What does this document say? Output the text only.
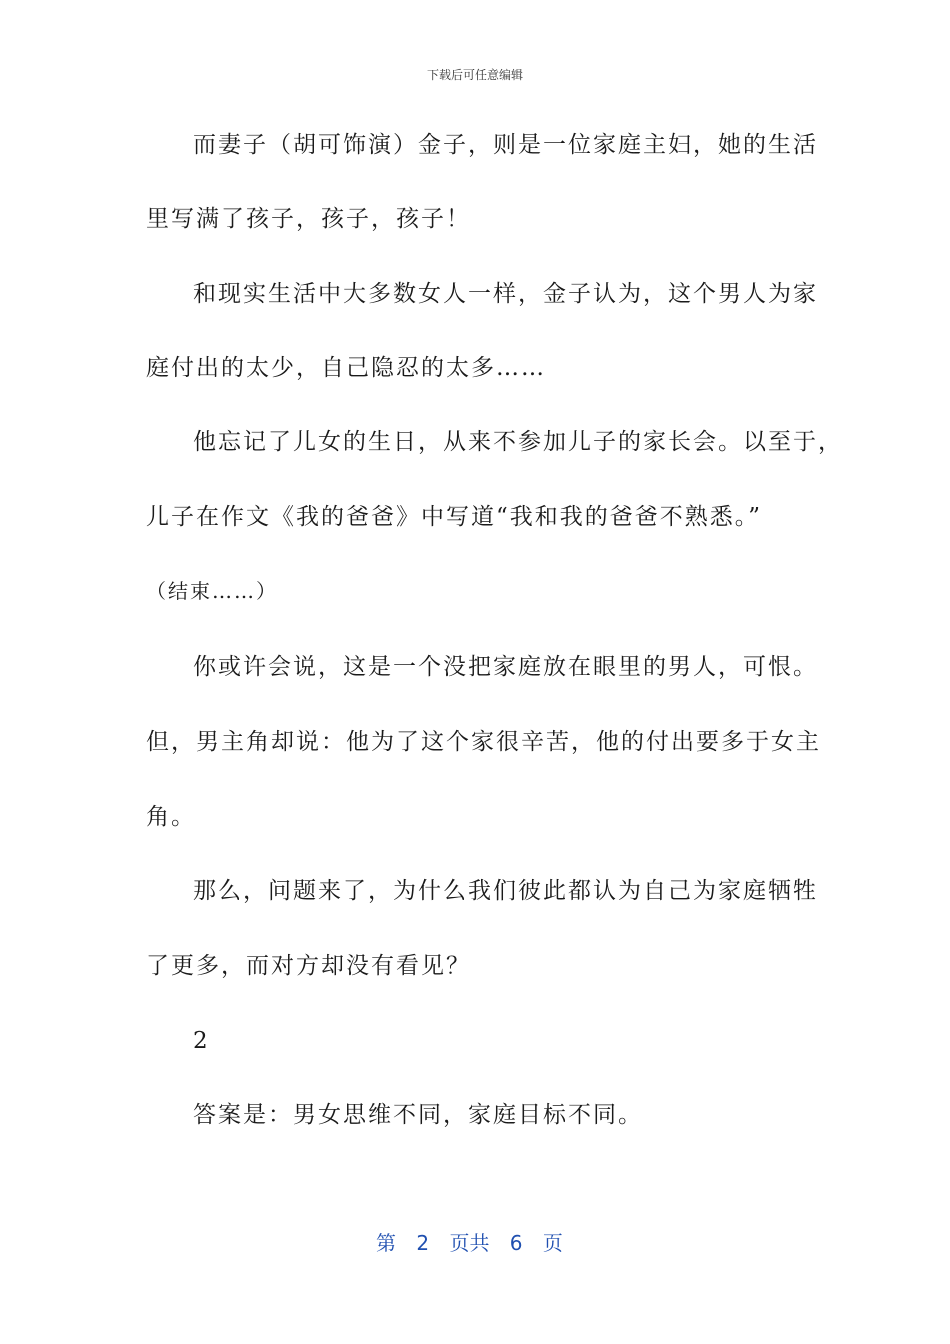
下载后可任意编辑
而妻子（胡可饰演）金子，则是一位家庭主妇，她的生活
里写满了孩子，孩子，孩子！
和现实生活中大多数女人一样，金子认为，这个男人为家
庭付出的太少，自己隐忍的太多……
他忘记了儿女的生日，从来不参加儿子的家长会。以至于，
儿子在作文《我的爸爸》中写道“我和我的爸爸不熟悉。”
（结束……）
你或许会说，这是一个没把家庭放在眼里的男人，可恨。
但，男主角却说：他为了这个家很辛苦，他的付出要多于女主
角。
那么，问题来了，为什么我们彼此都认为自己为家庭牺牲
了更多，而对方却没有看见？
2
答案是：男女思维不同，家庭目标不同。
第 2 页共 6 页
